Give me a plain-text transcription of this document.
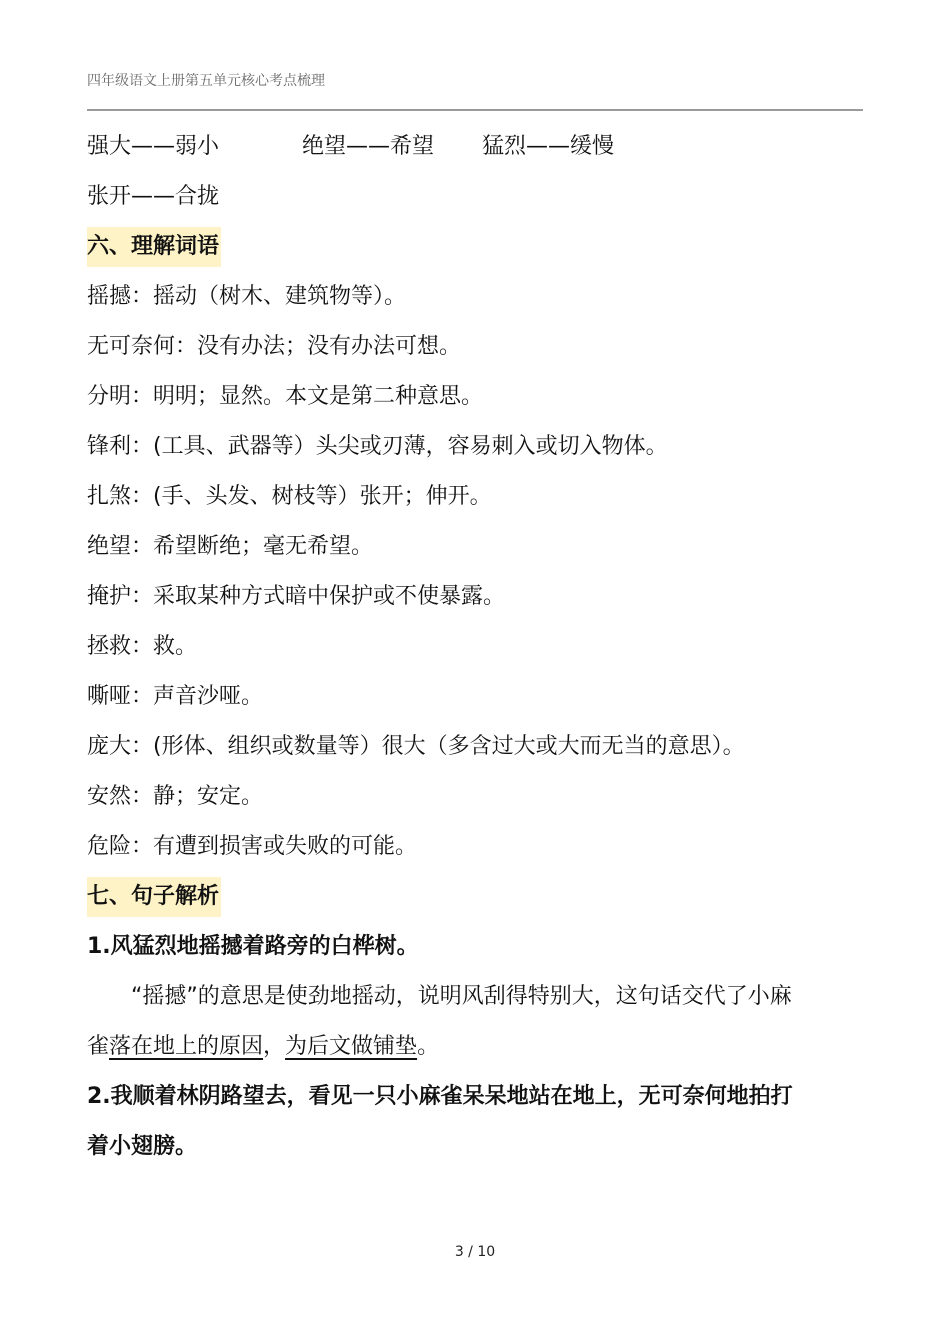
四年级语文上册第五单元核心考点梳理
强大——弱小	绝望——希望 猛烈——缓慢
张开——合拢
六、理解词语
摇撼：摇动（树木、建筑物等）。
无可奈何：没有办法；没有办法可想。
分明：明明；显然。本文是第二种意思。
锋利：(工具、武器等）头尖或刃薄，容易刺入或切入物体。
扎煞：(手、头发、树枝等）张开；伸开。
绝望：希望断绝；毫无希望。
掩护：采取某种方式暗中保护或不使暴露。
拯救：救。
嘶哑：声音沙哑。
庞大：(形体、组织或数量等）很大（多含过大或大而无当的意思）。
安然：静；安定。
危险：有遭到损害或失败的可能。
七、句子解析
1.风猛烈地摇撼着路旁的白桦树。
“摇撼”的意思是使劲地摇动，说明风刮得特别大，这句话交代了小麻
雀落在地上的原因，为后文做铺垫。
2.我顺着林阴路望去，看见一只小麻雀呆呆地站在地上，无可奈何地拍打
着小翅膀。
3 / 10
